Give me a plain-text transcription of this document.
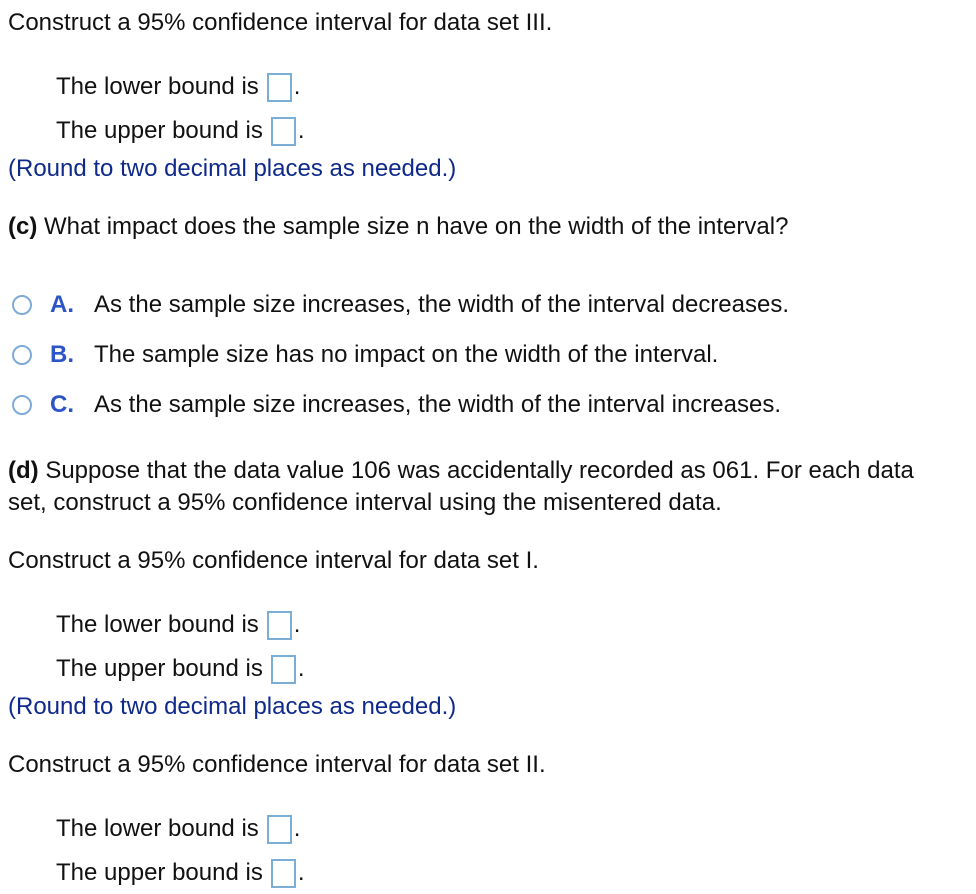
Construct a 95% confidence interval for data set III.
The lower bound is .
The upper bound is .
(Round to two decimal places as needed.)
(c) What impact does the sample size n have on the width of the interval?
A. As the sample size increases, the width of the interval decreases.
B. The sample size has no impact on the width of the interval.
C. As the sample size increases, the width of the interval increases.
(d) Suppose that the data value 106 was accidentally recorded as 061. For each data set, construct a 95% confidence interval using the misentered data.
Construct a 95% confidence interval for data set I.
The lower bound is .
The upper bound is .
(Round to two decimal places as needed.)
Construct a 95% confidence interval for data set II.
The lower bound is .
The upper bound is .
